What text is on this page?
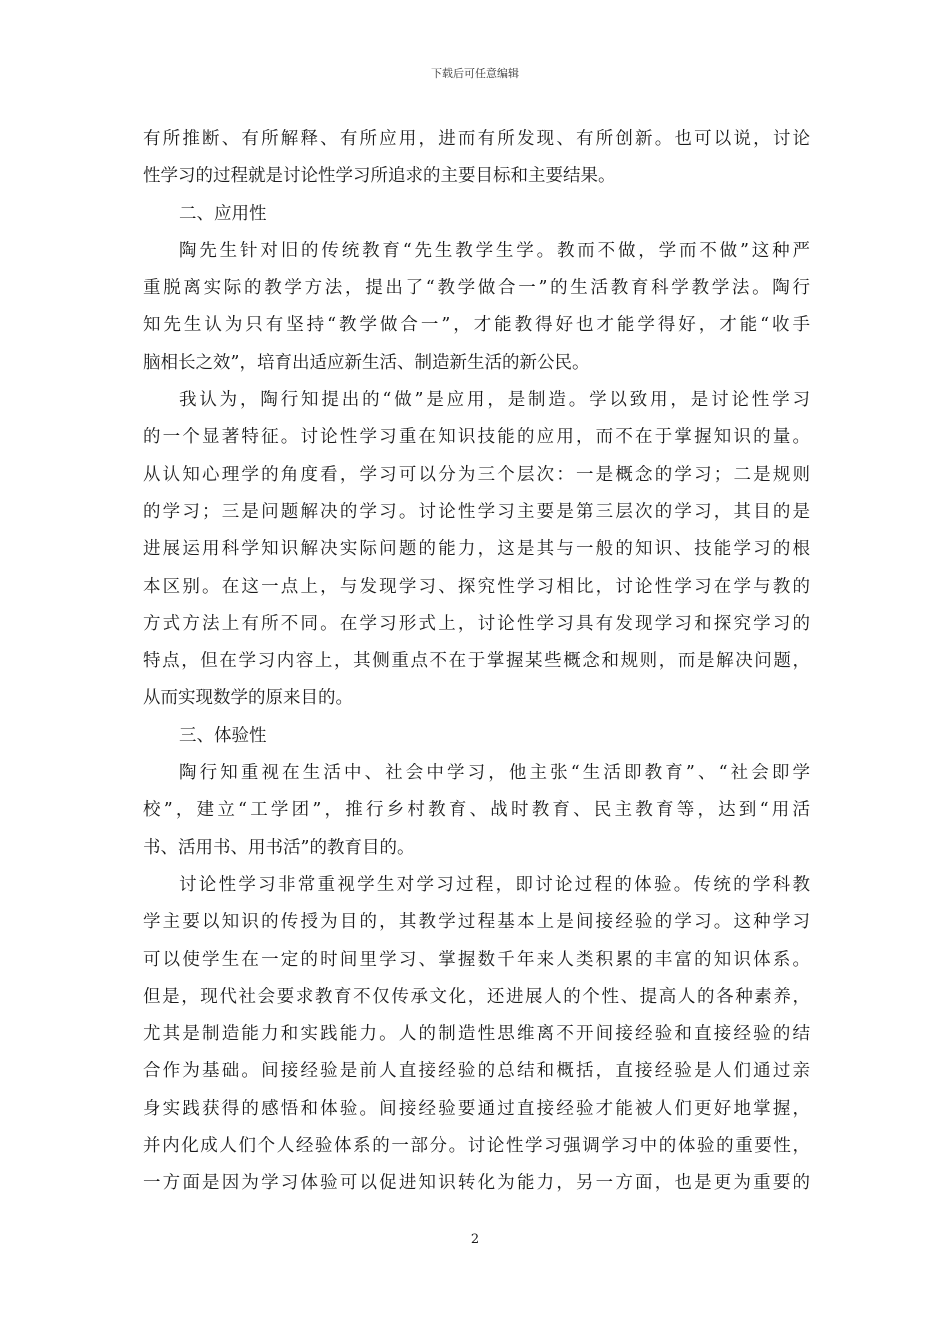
下载后可任意编辑
有所推断、有所解释、有所应用，进而有所发现、有所创新。也可以说，讨论
性学习的过程就是讨论性学习所追求的主要目标和主要结果。
二、应用性
陶先生针对旧的传统教育“先生教学生学。教而不做，学而不做”这种严
重脱离实际的教学方法，提出了“教学做合一”的生活教育科学教学法。陶行
知先生认为只有坚持“教学做合一”，才能教得好也才能学得好，才能“收手
脑相长之效”，培育出适应新生活、制造新生活的新公民。
我认为，陶行知提出的“做”是应用，是制造。学以致用，是讨论性学习
的一个显著特征。讨论性学习重在知识技能的应用，而不在于掌握知识的量。
从认知心理学的角度看，学习可以分为三个层次：一是概念的学习；二是规则
的学习；三是问题解决的学习。讨论性学习主要是第三层次的学习，其目的是
进展运用科学知识解决实际问题的能力，这是其与一般的知识、技能学习的根
本区别。在这一点上，与发现学习、探究性学习相比，讨论性学习在学与教的
方式方法上有所不同。在学习形式上，讨论性学习具有发现学习和探究学习的
特点，但在学习内容上，其侧重点不在于掌握某些概念和规则，而是解决问题，
从而实现数学的原来目的。
三、体验性
陶行知重视在生活中、社会中学习，他主张“生活即教育”、“社会即学
校”，建立“工学团”，推行乡村教育、战时教育、民主教育等，达到“用活
书、活用书、用书活”的教育目的。
讨论性学习非常重视学生对学习过程，即讨论过程的体验。传统的学科教
学主要以知识的传授为目的，其教学过程基本上是间接经验的学习。这种学习
可以使学生在一定的时间里学习、掌握数千年来人类积累的丰富的知识体系。
但是，现代社会要求教育不仅传承文化，还进展人的个性、提高人的各种素养，
尤其是制造能力和实践能力。人的制造性思维离不开间接经验和直接经验的结
合作为基础。间接经验是前人直接经验的总结和概括，直接经验是人们通过亲
身实践获得的感悟和体验。间接经验要通过直接经验才能被人们更好地掌握，
并内化成人们个人经验体系的一部分。讨论性学习强调学习中的体验的重要性，
一方面是因为学习体验可以促进知识转化为能力，另一方面，也是更为重要的
2
